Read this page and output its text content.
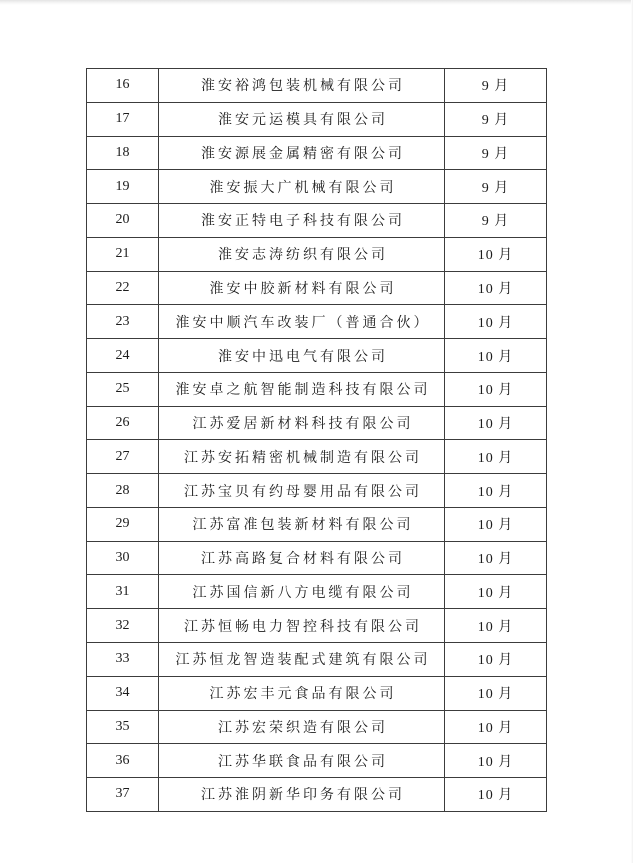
16	淮安裕鸿包装机械有限公司	9 月
17	淮安元运模具有限公司	9 月
18	淮安源展金属精密有限公司	9 月
19	淮安振大广机械有限公司	9 月
20	淮安正特电子科技有限公司	9 月
21	淮安志涛纺织有限公司	10 月
22	淮安中胶新材料有限公司	10 月
23	淮安中顺汽车改装厂（普通合伙）	10 月
24	淮安中迅电气有限公司	10 月
25	淮安卓之航智能制造科技有限公司	10 月
26	江苏爱居新材料科技有限公司	10 月
27	江苏安拓精密机械制造有限公司	10 月
28	江苏宝贝有约母婴用品有限公司	10 月
29	江苏富准包装新材料有限公司	10 月
30	江苏高路复合材料有限公司	10 月
31	江苏国信新八方电缆有限公司	10 月
32	江苏恒畅电力智控科技有限公司	10 月
33	江苏恒龙智造装配式建筑有限公司	10 月
34	江苏宏丰元食品有限公司	10 月
35	江苏宏荣织造有限公司	10 月
36	江苏华联食品有限公司	10 月
37	江苏淮阴新华印务有限公司	10 月
